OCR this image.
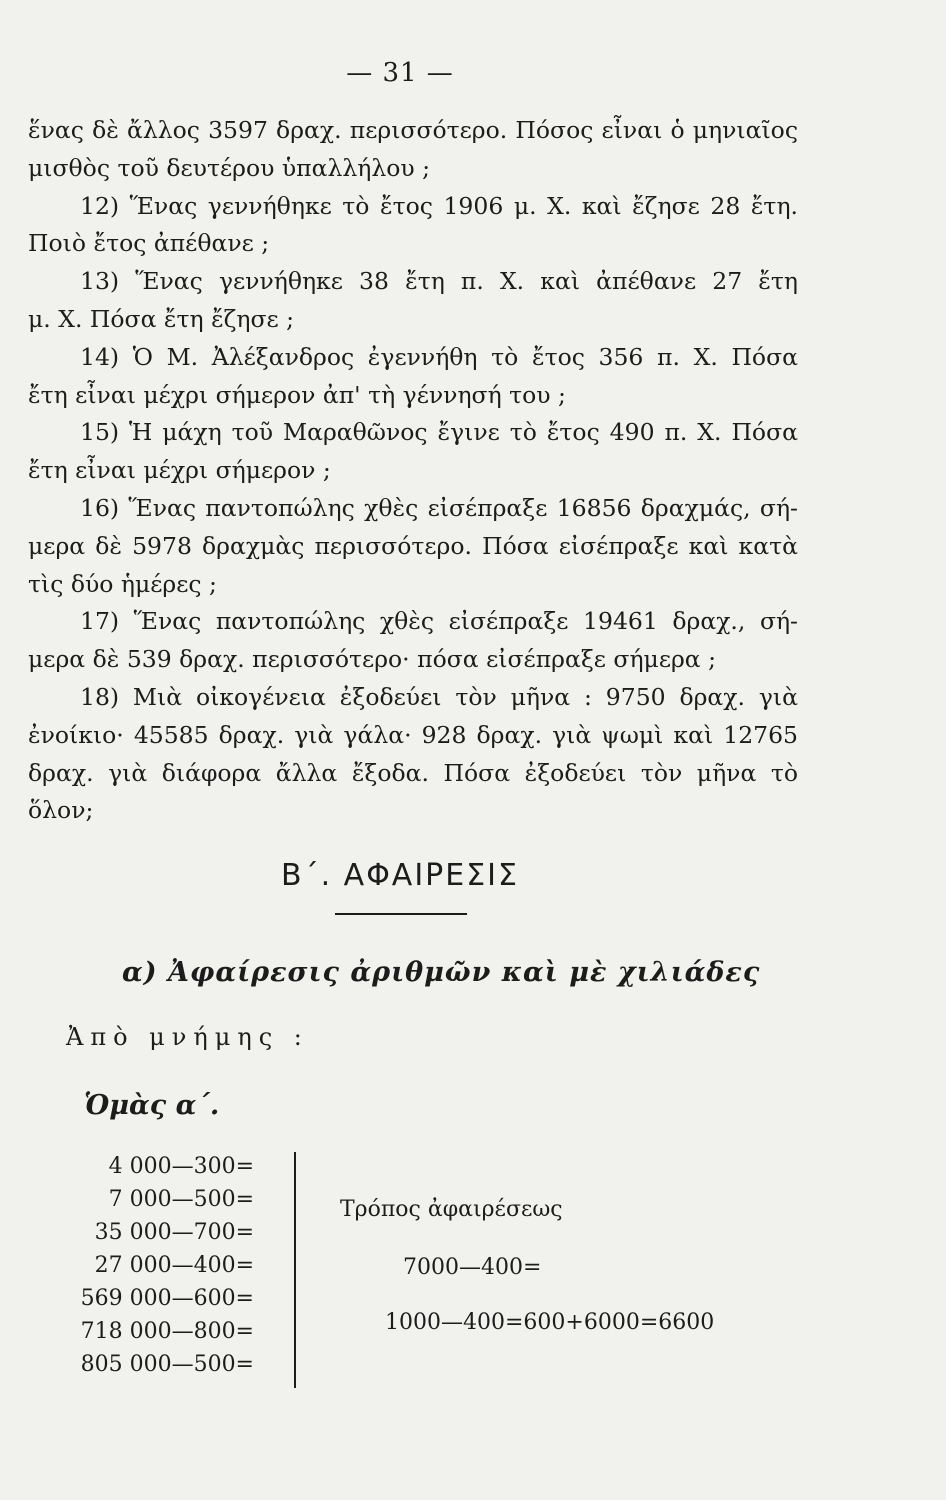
— 31 —
ἕνας δὲ ἄλλος 3597 δραχ. περισσότερο. Πόσος εἶναι ὁ μηνιαῖος
μισθὸς τοῦ δευτέρου ὑπαλλήλου ;
12) Ἕνας γεννήθηκε τὸ ἔτος 1906 μ. Χ. καὶ ἔζησε 28 ἔτη.
Ποιὸ ἔτος ἀπέθανε ;
13) Ἕνας γεννήθηκε 38 ἔτη π. Χ. καὶ ἀπέθανε 27 ἔτη
μ. Χ. Πόσα ἔτη ἔζησε ;
14) Ὁ Μ. Ἀλέξανδρος ἐγεννήθη τὸ ἔτος 356 π. Χ. Πόσα
ἔτη εἶναι μέχρι σήμερον ἀπ' τὴ γέννησή του ;
15) Ἡ μάχη τοῦ Μαραθῶνος ἔγινε τὸ ἔτος 490 π. Χ. Πόσα
ἔτη εἶναι μέχρι σήμερον ;
16) Ἕνας παντοπώλης χθὲς εἰσέπραξε 16856 δραχμάς, σή-
μερα δὲ 5978 δραχμὰς περισσότερο. Πόσα εἰσέπραξε καὶ κατὰ
τὶς δύο ἡμέρες ;
17) Ἕνας παντοπώλης χθὲς εἰσέπραξε 19461 δραχ., σή-
μερα δὲ 539 δραχ. περισσότερο· πόσα εἰσέπραξε σήμερα ;
18) Μιὰ οἰκογένεια ἐξοδεύει τὸν μῆνα : 9750 δραχ. γιὰ
ἐνοίκιο· 45585 δραχ. γιὰ γάλα· 928 δραχ. γιὰ ψωμὶ καὶ 12765
δραχ. γιὰ διάφορα ἄλλα ἔξοδα. Πόσα ἐξοδεύει τὸν μῆνα τὸ ὅλον;
Β΄. ΑΦΑΙΡΕΣΙΣ
α) Ἀφαίρεσις ἀριθμῶν καὶ μὲ χιλιάδες
Ἀπὸ μνήμης :
Ὁμὰς α΄.
4 000—300=
7 000—500=
35 000—700=
27 000—400=
569 000—600=
718 000—800=
805 000—500=
Τρόπος ἀφαιρέσεως
7000—400=
1000—400=600+6000=6600
